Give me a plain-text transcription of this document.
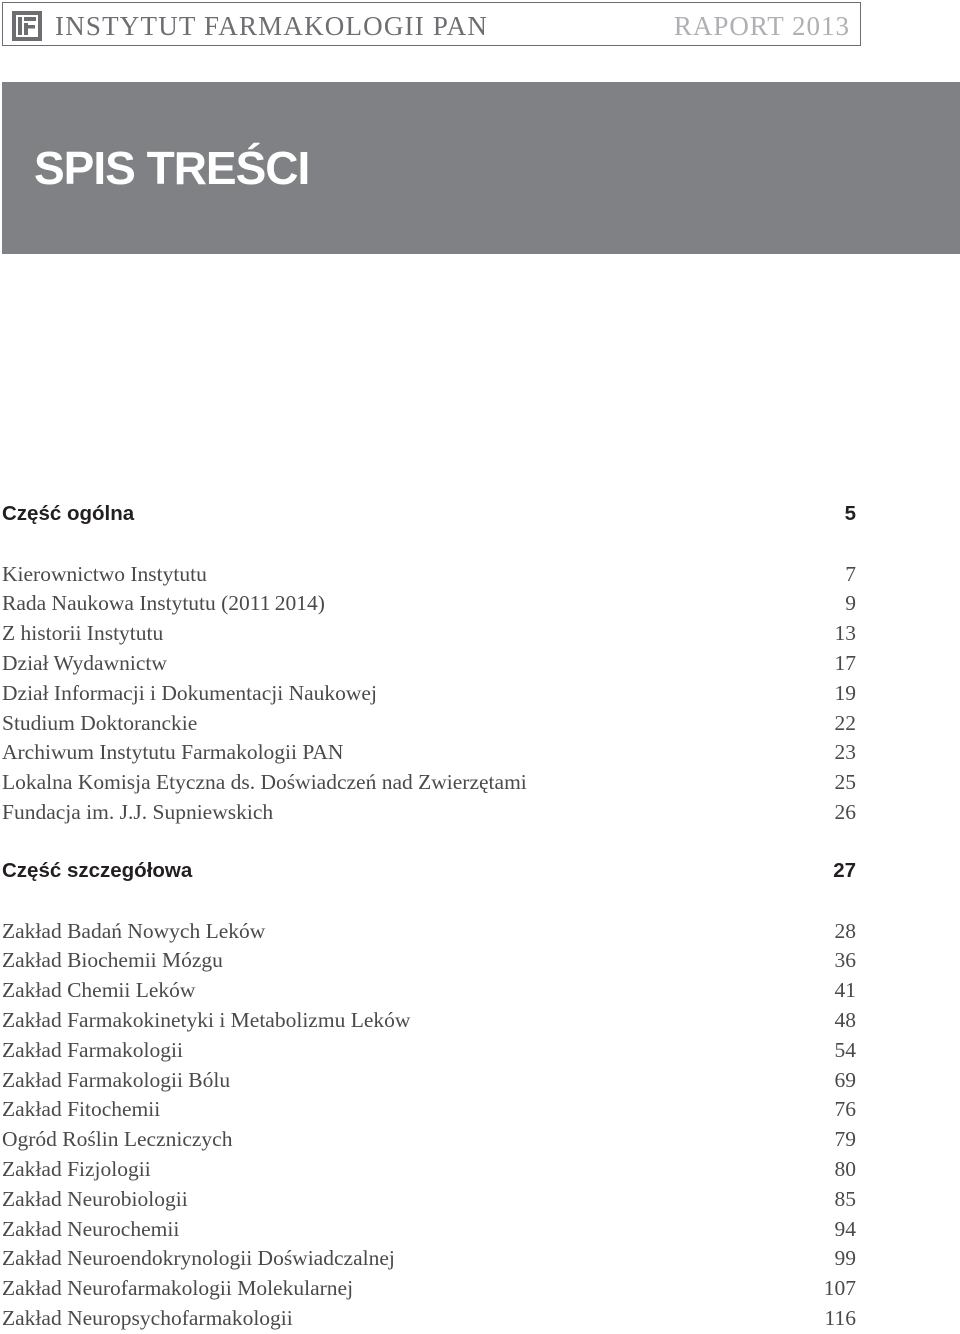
INSTYTUT FARMAKOLOGII PAN	RAPORT 2013
SPIS TREŚCI
Część ogólna	5
Kierownictwo Instytutu	7
Rada Naukowa Instytutu (2011 2014)	9
Z historii Instytutu	13
Dział Wydawnictw	17
Dział Informacji i Dokumentacji Naukowej	19
Studium Doktoranckie	22
Archiwum Instytutu Farmakologii PAN	23
Lokalna Komisja Etyczna ds. Doświadczeń nad Zwierzętami	25
Fundacja im. J.J. Supniewskich	26
Część szczegółowa	27
Zakład Badań Nowych Leków	28
Zakład Biochemii Mózgu	36
Zakład Chemii Leków	41
Zakład Farmakokinetyki i Metabolizmu Leków	48
Zakład Farmakologii	54
Zakład Farmakologii Bólu	69
Zakład Fitochemii	76
Ogród Roślin Leczniczych	79
Zakład Fizjologii	80
Zakład Neurobiologii	85
Zakład Neurochemii	94
Zakład Neuroendokrynologii Doświadczalnej	99
Zakład Neurofarmakologii Molekularnej	107
Zakład Neuropsychofarmakologii	116
